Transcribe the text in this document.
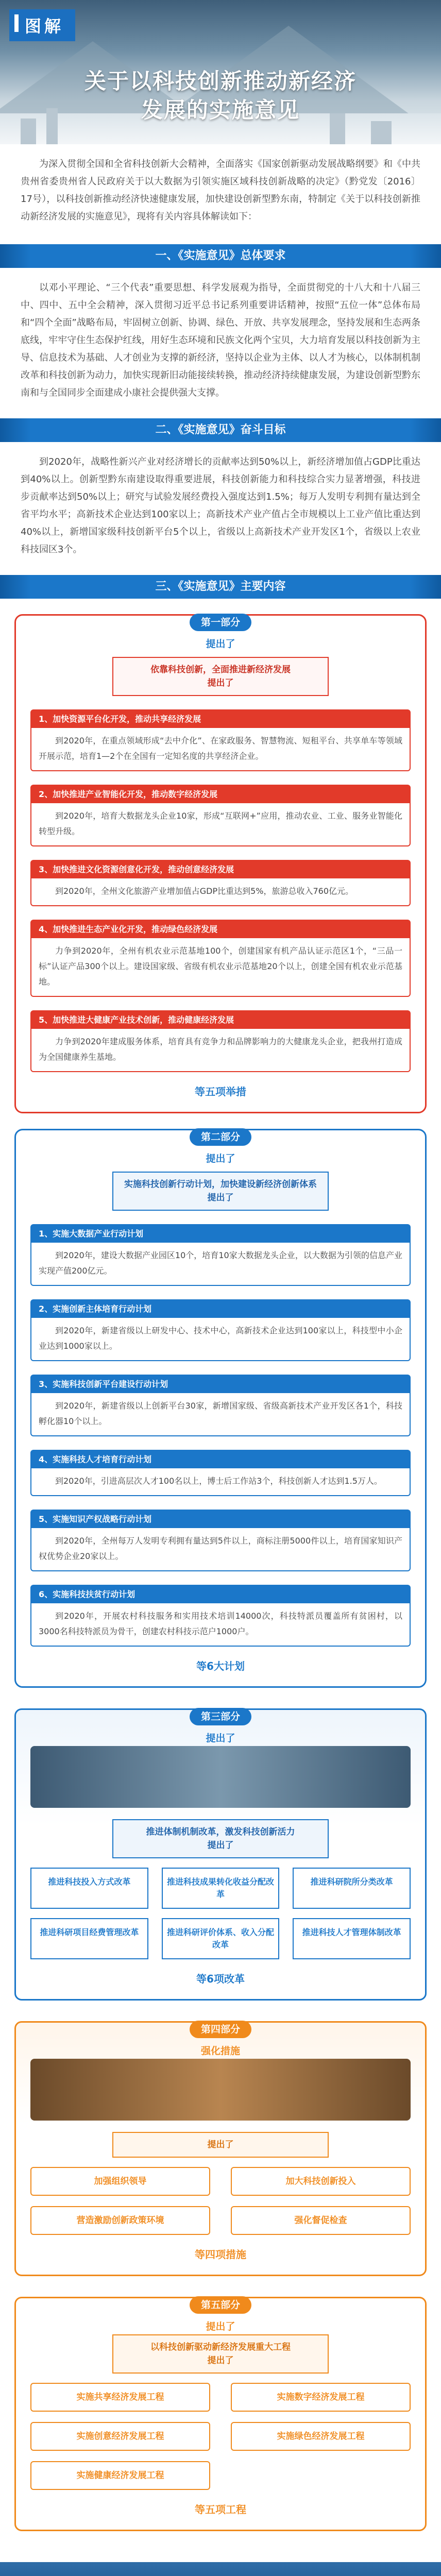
图解
关于以科技创新推动新经济
发展的实施意见

为深入贯彻全国和全省科技创新大会精神，全面落实《国家创新驱动发展战略纲要》和《中共贵州省委贵州省人民政府关于以大数据为引领实施区域科技创新战略的决定》（黔党发〔2016〕17号），以科技创新推动经济快速健康发展，加快建设创新型黔东南，特制定《关于以科技创新推动新经济发展的实施意见》，现将有关内容具体解读如下：

一、《实施意见》总体要求

以邓小平理论、“三个代表”重要思想、科学发展观为指导，全面贯彻党的十八大和十八届三中、四中、五中全会精神，深入贯彻习近平总书记系列重要讲话精神，按照“五位一体”总体布局和“四个全面”战略布局，牢固树立创新、协调、绿色、开放、共享发展理念，坚持发展和生态两条底线，牢牢守住生态保护红线，用好生态环境和民族文化两个宝贝，大力培育发展以科技创新为主导、信息技术为基础、人才创业为支撑的新经济，坚持以企业为主体、以人才为核心，以体制机制改革和科技创新为动力，加快实现新旧动能接续转换，推动经济持续健康发展，为建设创新型黔东南和与全国同步全面建成小康社会提供强大支撑。

二、《实施意见》奋斗目标

到2020年，战略性新兴产业对经济增长的贡献率达到50%以上，新经济增加值占GDP比重达到40%以上。创新型黔东南建设取得重要进展，科技创新能力和科技综合实力显著增强，科技进步贡献率达到50%以上；研究与试验发展经费投入强度达到1.5%；每万人发明专利拥有量达到全省平均水平；高新技术企业达到100家以上；高新技术产业产值占全市规模以上工业产值比重达到40%以上，新增国家级科技创新平台5个以上，省级以上高新技术产业开发区1个，省级以上农业科技园区3个。

三、《实施意见》主要内容
第一部分
提出了
依靠科技创新，全面推进新经济发展
提出了
1、加快资源平台化开发，推动共享经济发展
到2020年，在重点领域形成“去中介化”、在家政服务、智慧物流、短租平台、共享单车等领域开展示范，培育1—2个在全国有一定知名度的共享经济企业。
2、加快推进产业智能化开发，推动数字经济发展
到2020年，培育大数据龙头企业10家，形成“互联网+”应用，推动农业、工业、服务业智能化转型升级。
3、加快推进文化资源创意化开发，推动创意经济发展
到2020年，全州文化旅游产业增加值占GDP比重达到5%，旅游总收入760亿元。
4、加快推进生态产业化开发，推动绿色经济发展
力争到2020年，全州有机农业示范基地100个，创建国家有机产品认证示范区1个，“三品一标”认证产品300个以上。建设国家级、省级有机农业示范基地20个以上，创建全国有机农业示范基地。
5、加快推进大健康产业技术创新，推动健康经济发展
力争到2020年建成服务体系，培育具有竞争力和品牌影响力的大健康龙头企业，把我州打造成为全国健康养生基地。
等五项举措
第二部分
提出了
实施科技创新行动计划，加快建设新经济创新体系
提出了
1、实施大数据产业行动计划
到2020年，建设大数据产业园区10个，培育10家大数据龙头企业，以大数据为引领的信息产业实现产值200亿元。
2、实施创新主体培育行动计划
到2020年，新建省级以上研发中心、技术中心，高新技术企业达到100家以上，科技型中小企业达到1000家以上。
3、实施科技创新平台建设行动计划
到2020年，新建省级以上创新平台30家，新增国家级、省级高新技术产业开发区各1个，科技孵化器10个以上。
4、实施科技人才培育行动计划
到2020年，引进高层次人才100名以上，博士后工作站3个，科技创新人才达到1.5万人。
5、实施知识产权战略行动计划
到2020年，全州每万人发明专利拥有量达到5件以上，商标注册5000件以上，培育国家知识产权优势企业20家以上。
6、实施科技扶贫行动计划
到2020年，开展农村科技服务和实用技术培训14000次，科技特派员覆盖所有贫困村，以3000名科技特派员为骨干，创建农村科技示范户1000户。
等6大计划
第三部分
提出了
推进体制机制改革，激发科技创新活力
提出了
推进科技投入方式改革	推进科技成果转化收益分配改革
推进科研院所分类改革
推进科研项目经费管理改革	推进科研评价体系、收入分配改革
推进科技人才管理体制改革
等6项改革
第四部分
强化措施
提出了
加强组织领导	加大科技创新投入
营造激励创新政策环境	强化督促检查
等四项措施
第五部分
提出了
以科技创新驱动新经济发展重大工程
提出了
实施共享经济发展工程	实施数字经济发展工程
实施创意经济发展工程	实施绿色经济发展工程
实施健康经济发展工程
等五项工程
